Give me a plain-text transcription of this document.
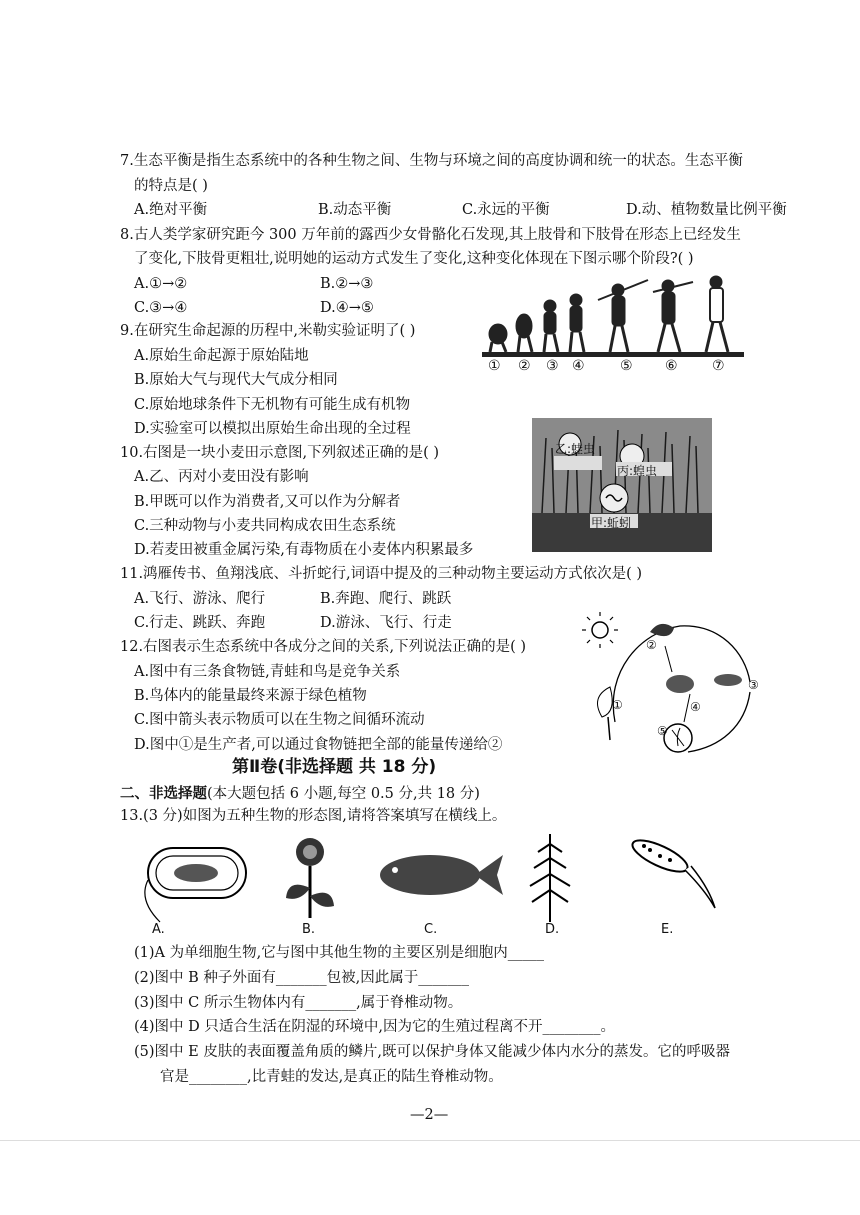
7.生态平衡是指生态系统中的各种生物之间、生物与环境之间的高度协调和统一的状态。生态平衡
的特点是( )
A.绝对平衡	B.动态平衡	C.永远的平衡	D.动、植物数量比例平衡
8.古人类学家研究距今 300 万年前的露西少女骨骼化石发现,其上肢骨和下肢骨在形态上已经发生
了变化,下肢骨更粗壮,说明她的运动方式发生了变化,这种变化体现在下图示哪个阶段?( )
A.①→②	B.②→③
C.③→④	D.④→⑤
① ② ③ ④	⑤ ⑥ ⑦
9.在研究生命起源的历程中,米勒实验证明了( )
A.原始生命起源于原始陆地
B.原始大气与现代大气成分相同
C.原始地球条件下无机物有可能生成有机物
D.实验室可以模拟出原始生命出现的全过程
乙:蛙虫
丙:蝗虫
甲:蚯蚓
10.右图是一块小麦田示意图,下列叙述正确的是( )
A.乙、丙对小麦田没有影响
B.甲既可以作为消费者,又可以作为分解者
C.三种动物与小麦共同构成农田生态系统
D.若麦田被重金属污染,有毒物质在小麦体内积累最多
11.鸿雁传书、鱼翔浅底、斗折蛇行,词语中提及的三种动物主要运动方式依次是( )
A.飞行、游泳、爬行	B.奔跑、爬行、跳跃
C.行走、跳跃、奔跑	D.游泳、飞行、行走
12.右图表示生态系统中各成分之间的关系,下列说法正确的是( )
A.图中有三条食物链,青蛙和鸟是竞争关系
B.鸟体内的能量最终来源于绿色植物
C.图中箭头表示物质可以在生物之间循环流动
D.图中①是生产者,可以通过食物链把全部的能量传递给②
②
①
③
④
⑤
第Ⅱ卷(非选择题 共 18 分)
二、非选择题(本大题包括 6 小题,每空 0.5 分,共 18 分)
13.(3 分)如图为五种生物的形态图,请将答案填写在横线上。
A.	B.	C.	D.	E.
(1)A 为单细胞生物,它与图中其他生物的主要区别是细胞内_____
(2)图中 B 种子外面有_______包被,因此属于_______
(3)图中 C 所示生物体内有_______,属于脊椎动物。
(4)图中 D 只适合生活在阴湿的环境中,因为它的生殖过程离不开________。
(5)图中 E 皮肤的表面覆盖角质的鳞片,既可以保护身体又能减少体内水分的蒸发。它的呼吸器
官是________,比青蛙的发达,是真正的陆生脊椎动物。
—2—
